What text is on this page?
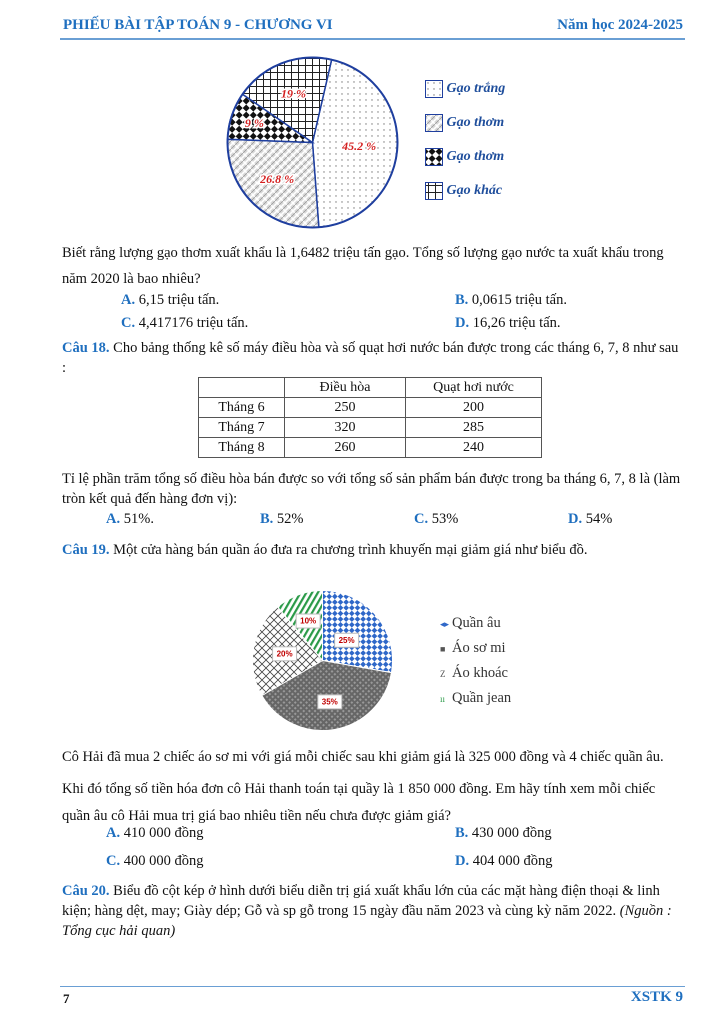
PHIẾU BÀI TẬP TOÁN 9 - CHƯƠNG VI	Năm học 2024-2025
45.2 %
26.8 %
9 %
19 %	Gạo trắng
Gạo thơm
Gạo thơm
Gạo khác
Biết rằng lượng gạo thơm xuất khẩu là 1,6482 triệu tấn gạo. Tổng số lượng gạo nước ta xuất khẩu trong năm 2020 là bao nhiêu?
A. 6,15 triệu tấn.	B. 0,0615 triệu tấn.
C. 4,417176 triệu tấn.	D. 16,26 triệu tấn.
Câu 18. Cho bảng thống kê số máy điều hòa và số quạt hơi nước bán được trong các tháng 6, 7, 8 như sau :
	Điều hòa	Quạt hơi nước
Tháng 6	250	200
Tháng 7	320	285
Tháng 8	260	240
Tỉ lệ phần trăm tổng số điều hòa bán được so với tổng số sản phẩm bán được trong ba tháng 6, 7, 8 là (làm tròn kết quả đến hàng đơn vị):
A. 51%.	B. 52%	C. 53%	D. 54%
Câu 19. Một cửa hàng bán quần áo đưa ra chương trình khuyến mại giảm giá như biểu đồ.
25%
35%
20%
10%	◂▸ Quần âu
■ Áo sơ mi
Z Áo khoác
ıı Quần jean
Cô Hải đã mua 2 chiếc áo sơ mi với giá mỗi chiếc sau khi giảm giá là 325 000 đồng và 4 chiếc quần âu.
Khi đó tổng số tiền hóa đơn cô Hải thanh toán tại quầy là 1 850 000 đồng. Em hãy tính xem mỗi chiếc quần âu cô Hải mua trị giá bao nhiêu tiền nếu chưa được giảm giá?
A. 410 000 đồng	B. 430 000 đồng
C. 400 000 đồng	D. 404 000 đồng
Câu 20. Biểu đồ cột kép ở hình dưới biểu diễn trị giá xuất khẩu lớn của các mặt hàng điện thoại & linh kiện; hàng dệt, may; Giày dép; Gỗ và sp gỗ trong 15 ngày đầu năm 2023 và cùng kỳ năm 2022. (Nguồn : Tổng cục hải quan)
7	XSTK 9
